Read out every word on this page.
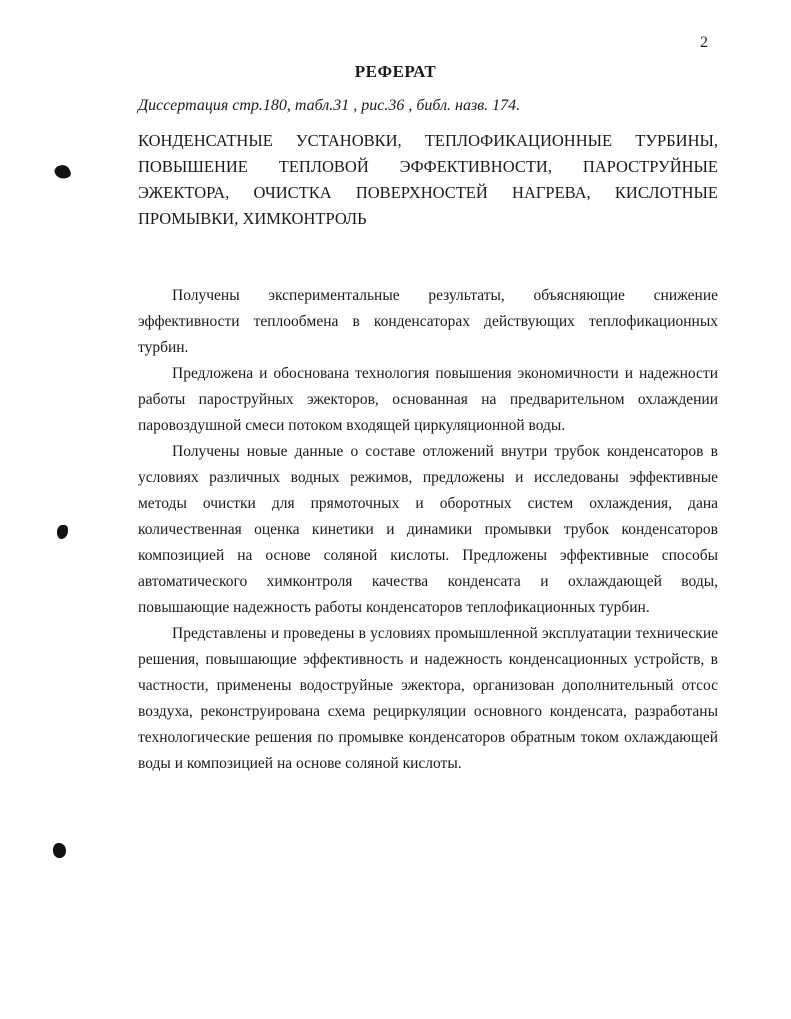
2
РЕФЕРАТ
Диссертация стр.180, табл.31 , рис.36 , библ. назв. 174.

КОНДЕНСАТНЫЕ УСТАНОВКИ, ТЕПЛОФИКАЦИОННЫЕ ТУРБИНЫ, ПОВЫШЕНИЕ ТЕПЛОВОЙ ЭФФЕКТИВНОСТИ, ПАРОСТРУЙНЫЕ ЭЖЕКТОРА, ОЧИСТКА ПОВЕРХНОСТЕЙ НАГРЕВА, КИСЛОТНЫЕ ПРОМЫВКИ, ХИМКОНТРОЛЬ

Получены экспериментальные результаты, объясняющие снижение эффективности теплообмена в конденсаторах действующих теплофикационных турбин.

Предложена и обоснована технология повышения экономичности и надежности работы пароструйных эжекторов, основанная на предварительном охлаждении паровоздушной смеси потоком входящей циркуляционной воды.

Получены новые данные о составе отложений внутри трубок конденсаторов в условиях различных водных режимов, предложены и исследованы эффективные методы очистки для прямоточных и оборотных систем охлаждения, дана количественная оценка кинетики и динамики промывки трубок конденсаторов композицией на основе соляной кислоты. Предложены эффективные способы автоматического химконтроля качества конденсата и охлаждающей воды, повышающие надежность работы конденсаторов теплофикационных турбин.

Представлены и проведены в условиях промышленной эксплуатации технические решения, повышающие эффективность и надежность конденсационных устройств, в частности, применены водоструйные эжектора, организован дополнительный отсос воздуха, реконструирована схема рециркуляции основного конденсата, разработаны технологические решения по промывке конденсаторов обратным током охлаждающей воды и композицией на основе соляной кислоты.
